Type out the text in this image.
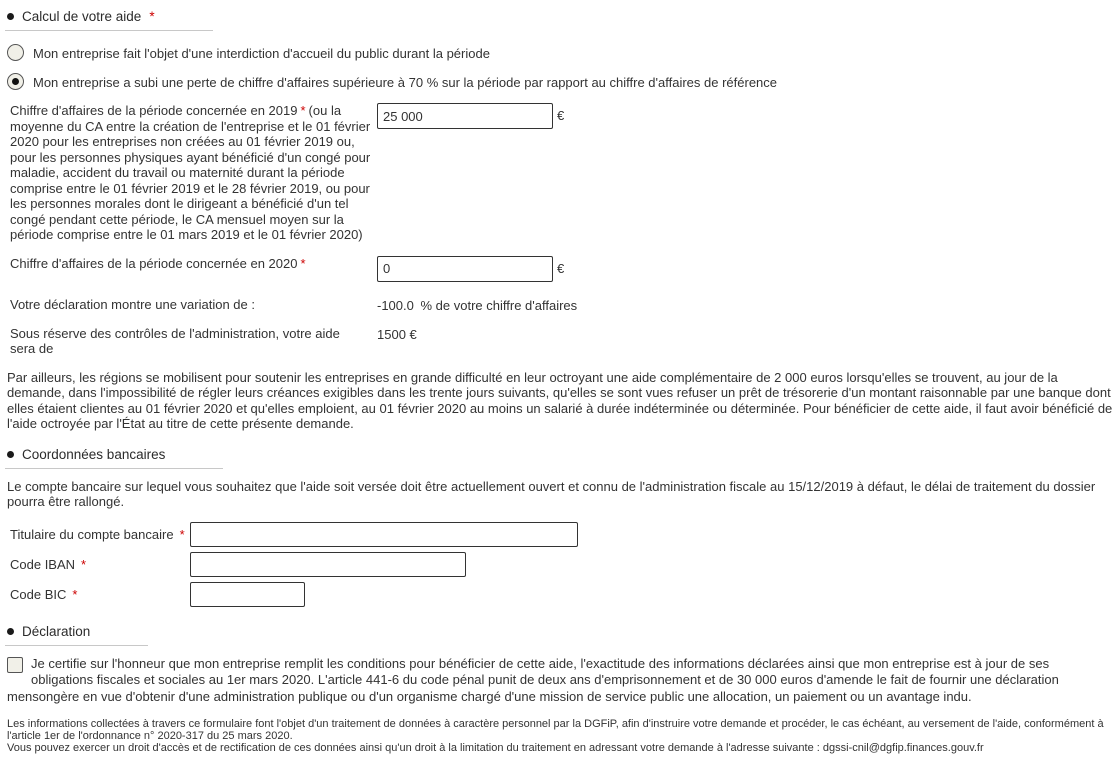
Calcul de votre aide *
Mon entreprise fait l'objet d'une interdiction d'accueil du public durant la période
Mon entreprise a subi une perte de chiffre d'affaires supérieure à 70 % sur la période par rapport au chiffre d'affaires de référence
Chiffre d'affaires de la période concernée en 2019 * (ou la moyenne du CA entre la création de l'entreprise et le 01 février 2020 pour les entreprises non créées au 01 février 2019 ou, pour les personnes physiques ayant bénéficié d'un congé pour maladie, accident du travail ou maternité durant la période comprise entre le 01 février 2019 et le 28 février 2019, ou pour les personnes morales dont le dirigeant a bénéficié d'un tel congé pendant cette période, le CA mensuel moyen sur la période comprise entre le 01 mars 2019 et le 01 février 2020)
25 000
€
Chiffre d'affaires de la période concernée en 2020 *
0	€
Votre déclaration montre une variation de :	-100.0 % de votre chiffre d'affaires
Sous réserve des contrôles de l'administration, votre aide sera de
1500 €

Par ailleurs, les régions se mobilisent pour soutenir les entreprises en grande difficulté en leur octroyant une aide complémentaire de 2 000 euros lorsqu'elles se trouvent, au jour de la demande, dans l'impossibilité de régler leurs créances exigibles dans les trente jours suivants, qu'elles se sont vues refuser un prêt de trésorerie d'un montant raisonnable par une banque dont elles étaient clientes au 01 février 2020 et qu'elles emploient, au 01 février 2020 au moins un salarié à durée indéterminée ou déterminée. Pour bénéficier de cette aide, il faut avoir bénéficié de l'aide octroyée par l'État au titre de cette présente demande.

Coordonnées bancaires

Le compte bancaire sur lequel vous souhaitez que l'aide soit versée doit être actuellement ouvert et connu de l'administration fiscale au 15/12/2019 à défaut, le délai de traitement du dossier pourra être rallongé.

Titulaire du compte bancaire *
Code IBAN *
Code BIC *
Déclaration
Je certifie sur l'honneur que mon entreprise remplit les conditions pour bénéficier de cette aide, l'exactitude des informations déclarées ainsi que mon entreprise est à jour de ses obligations fiscales et sociales au 1er mars 2020. L'article 441-6 du code pénal punit de deux ans d'emprisonnement et de 30 000 euros d'amende le fait de fournir une déclaration mensongère en vue d'obtenir d'une administration publique ou d'un organisme chargé d'une mission de service public une allocation, un paiement ou un avantage indu.

Les informations collectées à travers ce formulaire font l'objet d'un traitement de données à caractère personnel par la DGFiP, afin d'instruire votre demande et procéder, le cas échéant, au versement de l'aide, conformément à l'article 1er de l'ordonnance n° 2020-317 du 25 mars 2020.

Vous pouvez exercer un droit d'accès et de rectification de ces données ainsi qu'un droit à la limitation du traitement en adressant votre demande à l'adresse suivante : dgssi-cnil@dgfip.finances.gouv.fr
